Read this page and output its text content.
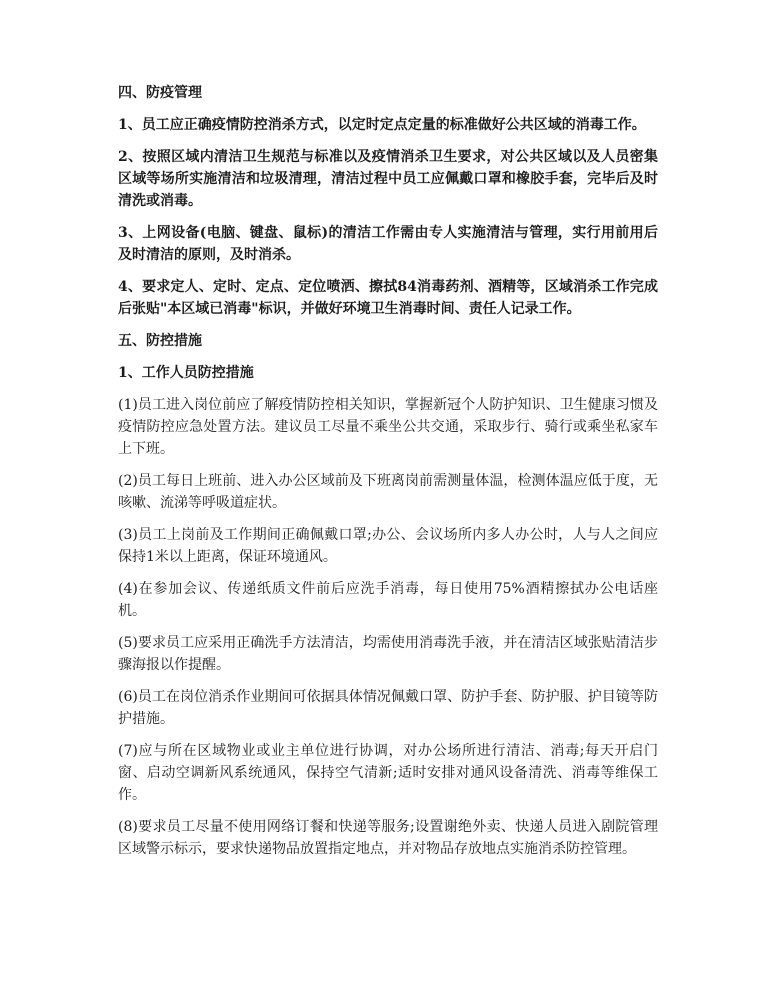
四、防疫管理

1、员工应正确疫情防控消杀方式，以定时定点定量的标准做好公共区域的消毒工作。

2、按照区域内清洁卫生规范与标准以及疫情消杀卫生要求，对公共区域以及人员密集区域等场所实施清洁和垃圾清理，清洁过程中员工应佩戴口罩和橡胶手套，完毕后及时清洗或消毒。

3、上网设备(电脑、键盘、鼠标)的清洁工作需由专人实施清洁与管理，实行用前用后及时清洁的原则，及时消杀。

4、要求定人、定时、定点、定位喷洒、擦拭84消毒药剂、酒精等，区域消杀工作完成后张贴"本区域已消毒"标识，并做好环境卫生消毒时间、责任人记录工作。

五、防控措施

1、工作人员防控措施

(1)员工进入岗位前应了解疫情防控相关知识，掌握新冠个人防护知识、卫生健康习惯及疫情防控应急处置方法。建议员工尽量不乘坐公共交通，采取步行、骑行或乘坐私家车上下班。

(2)员工每日上班前、进入办公区域前及下班离岗前需测量体温，检测体温应低于度，无咳嗽、流涕等呼吸道症状。

(3)员工上岗前及工作期间正确佩戴口罩;办公、会议场所内多人办公时，人与人之间应保持1米以上距离，保证环境通风。

(4)在参加会议、传递纸质文件前后应洗手消毒，每日使用75%酒精擦拭办公电话座机。

(5)要求员工应采用正确洗手方法清洁，均需使用消毒洗手液，并在清洁区域张贴清洁步骤海报以作提醒。

(6)员工在岗位消杀作业期间可依据具体情况佩戴口罩、防护手套、防护服、护目镜等防护措施。

(7)应与所在区域物业或业主单位进行协调，对办公场所进行清洁、消毒;每天开启门窗、启动空调新风系统通风，保持空气清新;适时安排对通风设备清洗、消毒等维保工作。

(8)要求员工尽量不使用网络订餐和快递等服务;设置谢绝外卖、快递人员进入剧院管理区域警示标示，要求快递物品放置指定地点，并对物品存放地点实施消杀防控管理。
